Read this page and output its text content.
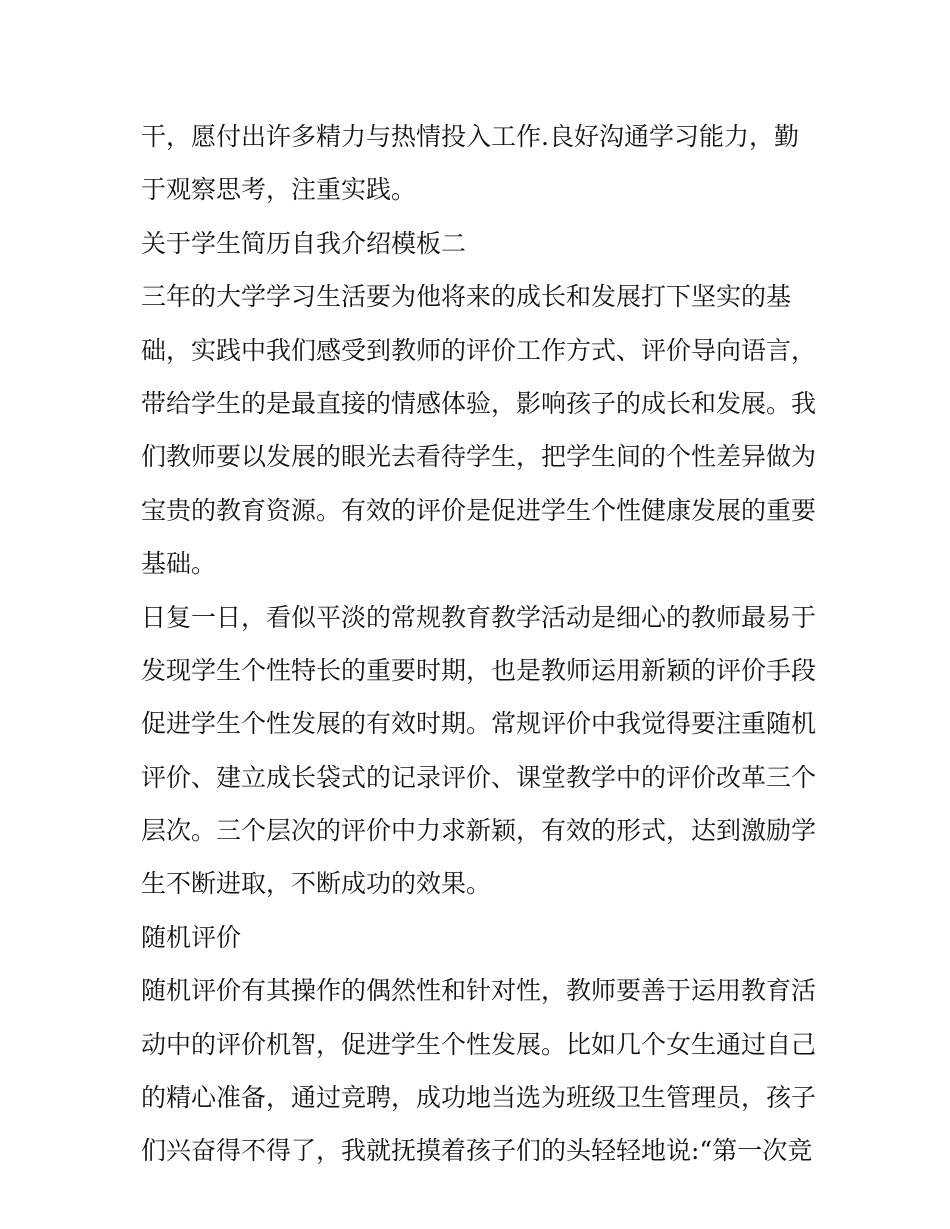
干，愿付出许多精力与热情投入工作.良好沟通学习能力，勤
于观察思考，注重实践。
关于学生简历自我介绍模板二
三年的大学学习生活要为他将来的成长和发展打下坚实的基
础，实践中我们感受到教师的评价工作方式、评价导向语言，
带给学生的是最直接的情感体验，影响孩子的成长和发展。我
们教师要以发展的眼光去看待学生，把学生间的个性差异做为
宝贵的教育资源。有效的评价是促进学生个性健康发展的重要
基础。
日复一日，看似平淡的常规教育教学活动是细心的教师最易于
发现学生个性特长的重要时期，也是教师运用新颖的评价手段
促进学生个性发展的有效时期。常规评价中我觉得要注重随机
评价、建立成长袋式的记录评价、课堂教学中的评价改革三个
层次。三个层次的评价中力求新颖，有效的形式，达到激励学
生不断进取，不断成功的效果。
随机评价
随机评价有其操作的偶然性和针对性，教师要善于运用教育活
动中的评价机智，促进学生个性发展。比如几个女生通过自己
的精心准备，通过竞聘，成功地当选为班级卫生管理员，孩子
们兴奋得不得了，我就抚摸着孩子们的头轻轻地说:“第一次竞
